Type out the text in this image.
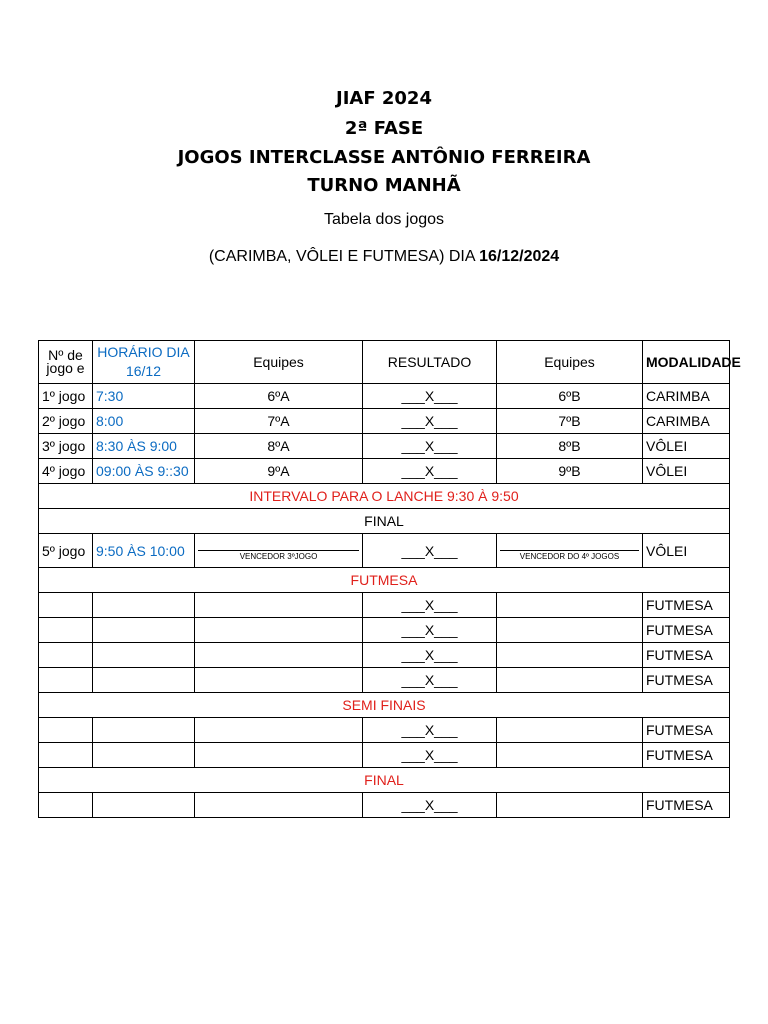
JIAF 2024
2ª FASE
JOGOS INTERCLASSE ANTÔNIO FERREIRA
TURNO MANHÃ
Tabela dos jogos
(CARIMBA, VÔLEI E FUTMESA) DIA 16/12/2024
Nº de jogo e	HORÁRIO DIA 16/12	Equipes	RESULTADO	Equipes	MODALIDADE
1º jogo	7:30	6ºA	___X___	6ºB	CARIMBA
2º jogo	8:00	7ºA	___X___	7ºB	CARIMBA
3º jogo	8:30 ÀS 9:00	8ºA	___X___	8ºB	VÔLEI
4º jogo	09:00 ÀS 9::30	9ºA	___X___	9ºB	VÔLEI
INTERVALO PARA O LANCHE 9:30 À 9:50					
FINAL					
5º jogo	9:50 ÀS 10:00	VENCEDOR 3ºJOGO	___X___	VENCEDOR DO 4º JOGOS	VÔLEI
FUTMESA					
			___X___		FUTMESA
			___X___		FUTMESA
			___X___		FUTMESA
			___X___		FUTMESA
SEMI FINAIS					
			___X___		FUTMESA
			___X___		FUTMESA
FINAL					
			___X___		FUTMESA
